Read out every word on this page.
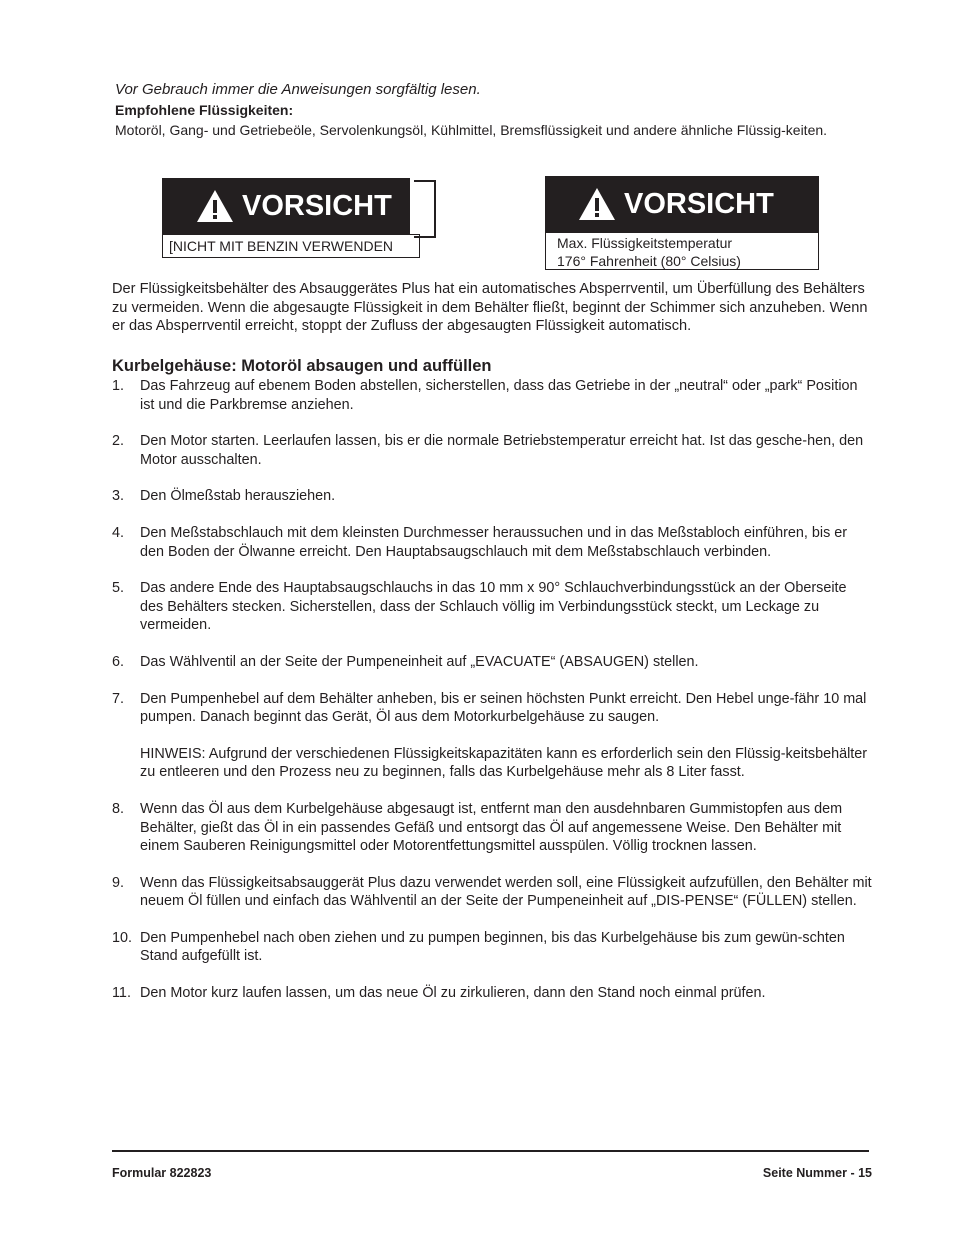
Vor Gebrauch immer die Anweisungen sorgfältig lesen.
Empfohlene Flüssigkeiten:
Motoröl, Gang- und Getriebeöle, Servolenkungsöl, Kühlmittel, Bremsflüssigkeit und andere ähnliche Flüssig-keiten.
VORSICHT
[NICHT MIT BENZIN VERWENDEN
VORSICHT
Max. Flüssigkeitstemperatur
176° Fahrenheit (80° Celsius)
Der Flüssigkeitsbehälter des Absauggerätes Plus hat ein automatisches Absperrventil, um Überfüllung des Behälters zu vermeiden. Wenn die abgesaugte Flüssigkeit in dem Behälter fließt, beginnt der Schimmer sich anzuheben. Wenn er das Absperrventil erreicht, stoppt der Zufluss der abgesaugten Flüssigkeit automatisch.
Kurbelgehäuse: Motoröl absaugen und auffüllen
1. Das Fahrzeug auf ebenem Boden abstellen, sicherstellen, dass das Getriebe in der „neutral“ oder „park“ Position ist und die Parkbremse anziehen.
2. Den Motor starten. Leerlaufen lassen, bis er die normale Betriebstemperatur erreicht hat. Ist das gesche-hen, den Motor ausschalten.
3. Den Ölmeßstab herausziehen.
4. Den Meßstabschlauch mit dem kleinsten Durchmesser heraussuchen und in das Meßstabloch einführen, bis er den Boden der Ölwanne erreicht. Den Hauptabsaugschlauch mit dem Meßstabschlauch verbinden.
5. Das andere Ende des Hauptabsaugschlauchs in das 10 mm x 90° Schlauchverbindungsstück an der Oberseite des Behälters stecken. Sicherstellen, dass der Schlauch völlig im Verbindungsstück steckt, um Leckage zu vermeiden.
6. Das Wählventil an der Seite der Pumpeneinheit auf „EVACUATE“ (ABSAUGEN) stellen.
7. Den Pumpenhebel auf dem Behälter anheben, bis er seinen höchsten Punkt erreicht. Den Hebel unge-fähr 10 mal pumpen. Danach beginnt das Gerät, Öl aus dem Motorkurbelgehäuse zu saugen.
HINWEIS: Aufgrund der verschiedenen Flüssigkeitskapazitäten kann es erforderlich sein den Flüssig-keitsbehälter zu entleeren und den Prozess neu zu beginnen, falls das Kurbelgehäuse mehr als 8 Liter fasst.
8. Wenn das Öl aus dem Kurbelgehäuse abgesaugt ist, entfernt man den ausdehnbaren Gummistopfen aus dem Behälter, gießt das Öl in ein passendes Gefäß und entsorgt das Öl auf angemessene Weise. Den Behälter mit einem Sauberen Reinigungsmittel oder Motorentfettungsmittel ausspülen. Völlig trocknen lassen.
9. Wenn das Flüssigkeitsabsauggerät Plus dazu verwendet werden soll, eine Flüssigkeit aufzufüllen, den Behälter mit neuem Öl füllen und einfach das Wählventil an der Seite der Pumpeneinheit auf „DIS-PENSE“ (FÜLLEN) stellen.
10. Den Pumpenhebel nach oben ziehen und zu pumpen beginnen, bis das Kurbelgehäuse bis zum gewün-schten Stand aufgefüllt ist.
11. Den Motor kurz laufen lassen, um das neue Öl zu zirkulieren, dann den Stand noch einmal prüfen.
Formular 822823	Seite Nummer - 15
